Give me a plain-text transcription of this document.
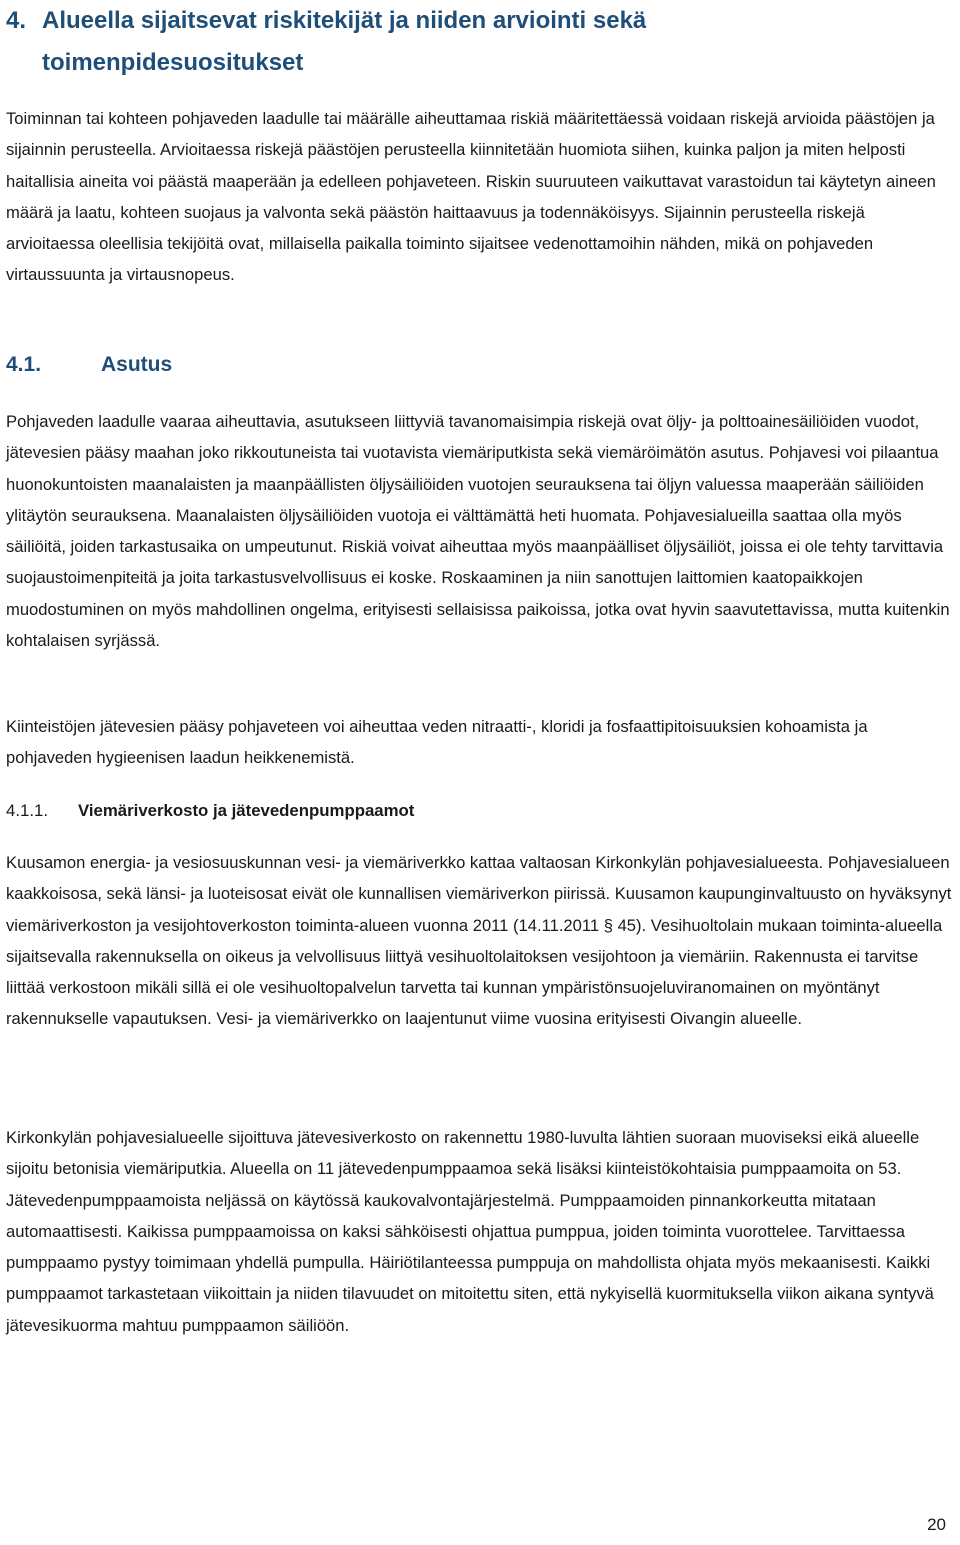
4. Alueella sijaitsevat riskitekijät ja niiden arviointi sekä
toimenpidesuositukset

Toiminnan tai kohteen pohjaveden laadulle tai määrälle aiheuttamaa riskiä määritettäessä voidaan riskejä arvioida päästöjen ja sijainnin perusteella. Arvioitaessa riskejä päästöjen perusteella kiinnitetään huomiota siihen, kuinka paljon ja miten helposti haitallisia aineita voi päästä maaperään ja edelleen pohjaveteen. Riskin suuruuteen vaikuttavat varastoidun tai käytetyn aineen määrä ja laatu, kohteen suojaus ja valvonta sekä päästön haittaavuus ja todennäköisyys. Sijainnin perusteella riskejä arvioitaessa oleellisia tekijöitä ovat, millaisella paikalla toiminto sijaitsee vedenottamoihin nähden, mikä on pohjaveden virtaussuunta ja virtausnopeus.

4.1.	Asutus

Pohjaveden laadulle vaaraa aiheuttavia, asutukseen liittyviä tavanomaisimpia riskejä ovat öljy- ja polttoainesäiliöiden vuodot, jätevesien pääsy maahan joko rikkoutuneista tai vuotavista viemäriputkista sekä viemäröimätön asutus. Pohjavesi voi pilaantua huonokuntoisten maanalaisten ja maanpäällisten öljysäiliöiden vuotojen seurauksena tai öljyn valuessa maaperään säiliöiden ylitäytön seurauksena. Maanalaisten öljysäiliöiden vuotoja ei välttämättä heti huomata. Pohjavesialueilla saattaa olla myös säiliöitä, joiden tarkastusaika on umpeutunut. Riskiä voivat aiheuttaa myös maanpäälliset öljysäiliöt, joissa ei ole tehty tarvittavia suojaustoimenpiteitä ja joita tarkastusvelvollisuus ei koske. Roskaaminen ja niin sanottujen laittomien kaatopaikkojen muodostuminen on myös mahdollinen ongelma, erityisesti sellaisissa paikoissa, jotka ovat hyvin saavutettavissa, mutta kuitenkin kohtalaisen syrjässä.

Kiinteistöjen jätevesien pääsy pohjaveteen voi aiheuttaa veden nitraatti-, kloridi ja fosfaattipitoisuuksien kohoamista ja pohjaveden hygieenisen laadun heikkenemistä.

4.1.1. Viemäriverkosto ja jätevedenpumppaamot

Kuusamon energia- ja vesiosuuskunnan vesi- ja viemäriverkko kattaa valtaosan Kirkonkylän pohjavesialueesta. Pohjavesialueen kaakkoisosa, sekä länsi- ja luoteisosat eivät ole kunnallisen viemäriverkon piirissä. Kuusamon kaupunginvaltuusto on hyväksynyt viemäriverkoston ja vesijohtoverkoston toiminta-alueen vuonna 2011 (14.11.2011 § 45). Vesihuoltolain mukaan toiminta-alueella sijaitsevalla rakennuksella on oikeus ja velvollisuus liittyä vesihuoltolaitoksen vesijohtoon ja viemäriin. Rakennusta ei tarvitse liittää verkostoon mikäli sillä ei ole vesihuoltopalvelun tarvetta tai kunnan ympäristönsuojeluviranomainen on myöntänyt rakennukselle vapautuksen. Vesi- ja viemäriverkko on laajentunut viime vuosina erityisesti Oivangin alueelle.

Kirkonkylän pohjavesialueelle sijoittuva jätevesiverkosto on rakennettu 1980-luvulta lähtien suoraan muoviseksi eikä alueelle sijoitu betonisia viemäriputkia. Alueella on 11 jätevedenpumppaamoa sekä lisäksi kiinteistökohtaisia pumppaamoita on 53. Jätevedenpumppaamoista neljässä on käytössä kaukovalvontajärjestelmä. Pumppaamoiden pinnankorkeutta mitataan automaattisesti. Kaikissa pumppaamoissa on kaksi sähköisesti ohjattua pumppua, joiden toiminta vuorottelee. Tarvittaessa pumppaamo pystyy toimimaan yhdellä pumpulla. Häiriötilanteessa pumppuja on mahdollista ohjata myös mekaanisesti. Kaikki pumppaamot tarkastetaan viikoittain ja niiden tilavuudet on mitoitettu siten, että nykyisellä kuormituksella viikon aikana syntyvä jätevesikuorma mahtuu pumppaamon säiliöön.

20
